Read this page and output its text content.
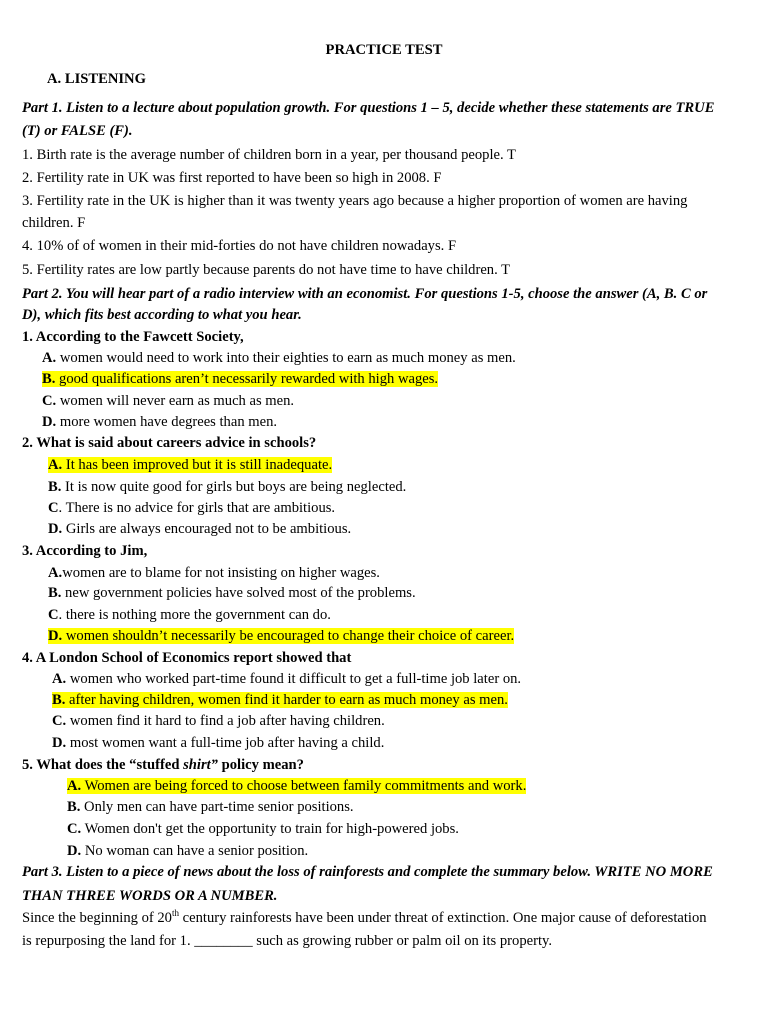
PRACTICE TEST
A. LISTENING
Part 1. Listen to a lecture about population growth. For questions 1 – 5, decide whether these statements are TRUE
(T) or FALSE (F).
1. Birth rate is the average number of children born in a year, per thousand people. T
2. Fertility rate in UK was first reported to have been so high in 2008. F
3. Fertility rate in the UK is higher than it was twenty years ago because a higher proportion of women are having
children. F
4. 10% of of women in their mid-forties do not have children nowadays. F
5. Fertility rates are low partly because parents do not have time to have children. T
Part 2. You will hear part of a radio interview with an economist. For questions 1-5, choose the answer (A, B. C or
D), which fits best according to what you hear.
1. According to the Fawcett Society,
A. women would need to work into their eighties to earn as much money as men.
B. good qualifications aren’t necessarily rewarded with high wages.
C. women will never earn as much as men.
D. more women have degrees than men.
2. What is said about careers advice in schools?
A. It has been improved but it is still inadequate.
B. It is now quite good for girls but boys are being neglected.
C. There is no advice for girls that are ambitious.
D. Girls are always encouraged not to be ambitious.
3. According to Jim,
A.women are to blame for not insisting on higher wages.
B. new government policies have solved most of the problems.
C. there is nothing more the government can do.
D. women shouldn’t necessarily be encouraged to change their choice of career.
4. A London School of Economics report showed that
A. women who worked part-time found it difficult to get a full-time job later on.
B. after having children, women find it harder to earn as much money as men.
C. women find it hard to find a job after having children.
D. most women want a full-time job after having a child.
5. What does the “stuffed shirt” policy mean?
A. Women are being forced to choose between family commitments and work.
B. Only men can have part-time senior positions.
C. Women don't get the opportunity to train for high-powered jobs.
D. No woman can have a senior position.
Part 3. Listen to a piece of news about the loss of rainforests and complete the summary below. WRITE NO MORE
THAN THREE WORDS OR A NUMBER.
Since the beginning of 20th century rainforests have been under threat of extinction. One major cause of deforestation
is repurposing the land for 1. ________ such as growing rubber or palm oil on its property.
